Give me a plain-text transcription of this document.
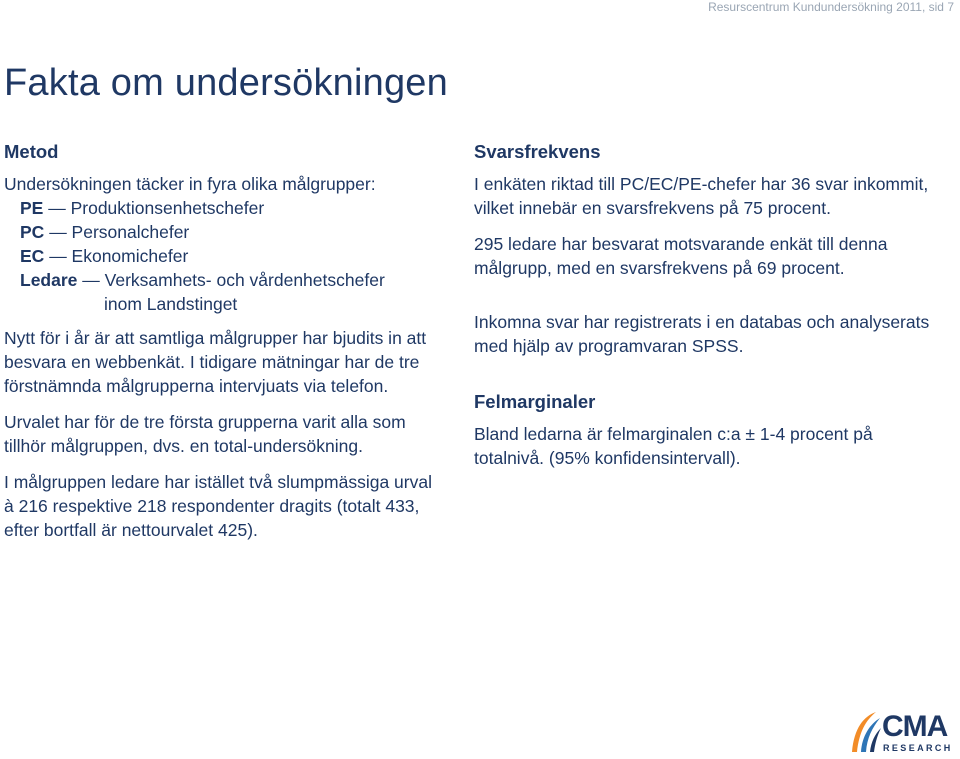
Resurscentrum Kundundersökning 2011, sid 7
Fakta om undersökningen
Metod

Undersökningen täcker in fyra olika målgrupper:

PE — Produktionsenhetschefer
PC — Personalchefer
EC — Ekonomichefer
Ledare — Verksamhets- och vårdenhetschefer
inom Landstinget

Nytt för i år är att samtliga målgrupper har bjudits in att besvara en webbenkät. I tidigare mätningar har de tre förstnämnda målgrupperna intervjuats via telefon.

Urvalet har för de tre första grupperna varit alla som tillhör målgruppen, dvs. en total-undersökning.

I målgruppen ledare har istället två slumpmässiga urval à 216 respektive 218 respondenter dragits (totalt 433, efter bortfall är nettourvalet 425).

Svarsfrekvens

I enkäten riktad till PC/EC/PE-chefer har 36 svar inkommit, vilket innebär en svarsfrekvens på 75 procent.

295 ledare har besvarat motsvarande enkät till denna målgrupp, med en svarsfrekvens på 69 procent.

Inkomna svar har registrerats i en databas och analyserats med hjälp av programvaran SPSS.

Felmarginaler

Bland ledarna är felmarginalen c:a ± 1-4 procent på totalnivå. (95% konfidensintervall).

CMA
RESEARCH
